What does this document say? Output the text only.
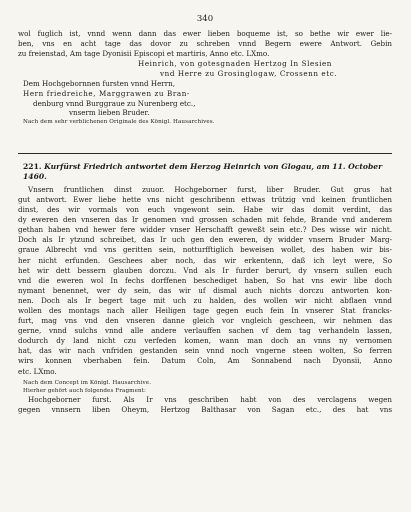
340

wol fuglich ist, vnnd wenn dann das ewer lieben boqueme ist, so bethe wir ewer lie-

ben, vns en acht tage das dovor zu schreben vnnd Begern ewere Antwort. Gebin

zu freienstad, Am tage Dyonisii Episcopi et martiris, Anno etc. LXmo.

Heinrich, von gotesgnaden Hertzog In Slesien

vnd Herre zu Grosinglogaw, Crossenn etc.

Dem Hochgebornnen fursten vnnd Herrn,
Hern friedreiche, Marggrawen zu Bran-
denburg vnnd Burggraue zu Nurenberg etc.,
vnserm lieben Bruder.

Nach dem sehr verblichenen Originale des Königl. Hausarchives.

221. Kurfürst Friedrich antwortet dem Herzog Heinrich von Glogau, am 11. October 1460.

Vnsern fruntlichen dinst zuuor. Hochgeborner furst, liber Bruder. Gut grus hat

gut antwort. Ewer liebe hette vns nicht geschribenn ettwas trützig vnd keinen fruntlichen

dinst, des wir vormals von euch vngewont sein. Habe wir das domit verdint, das

dy eweren den vnseren das Ir genomen vnd grossen schaden mit fehde, Brande vnd anderem

gethan haben vnd hewer fere widder vnser Herschafft geweßt sein etc.? Des wisse wir nicht.

Doch als Ir ytzund schreibet, das Ir uch gen den eweren, dy widder vnsern Bruder Marg-

graue Albrecht vnd vns geritten sein, notturfftiglich beweisen wollet, des haben wir bis-

her nicht erfunden. Geschees aber noch, das wir erkentenn, daß ich leyt were, So

het wir dett bessern glauben dorczu. Vnd als Ir furder berurt, dy vnsern sullen euch

vnd die eweren wol In fechs dorffenen beschediget haben, So hat vns ewir libe doch

nymant benennet, wer dy sein, das wir uf dismal auch nichts dorczu antworten kon-

nen. Doch als Ir begert tage mit uch zu halden, des wollen wir nicht abflaen vnnd

wollen des montags nach aller Heiligen tage gegen euch fein In vnserer Stat francks-

furt, mag vns vnd den vnseren danne gleich vor vngleich gescheen, wir nehmen das

gerne, vnnd sulchs vnnd alle andere verlauffen sachen vf dem tag verhandeln lassen,

dodurch dy land nicht czu verfeden komen, wann man doch an vnns ny vernomen

hat, das wir nach vnfriden gestanden sein vnnd noch vngerne steen wolten, So ferren

wirs konnen vberhaben fein. Datum Coln, Am Sonnabend nach Dyonsii, Anno

etc. LXmo.

Nach dem Concept im Königl. Hausarchive.

Hierher gehört auch folgendes Fragment:

Hochgeborner furst. Als Ir vns geschriben habt von des verclagens wegen

gegen vnnsern liben Oheym, Hertzog Balthasar von Sagan etc., des hat vns
